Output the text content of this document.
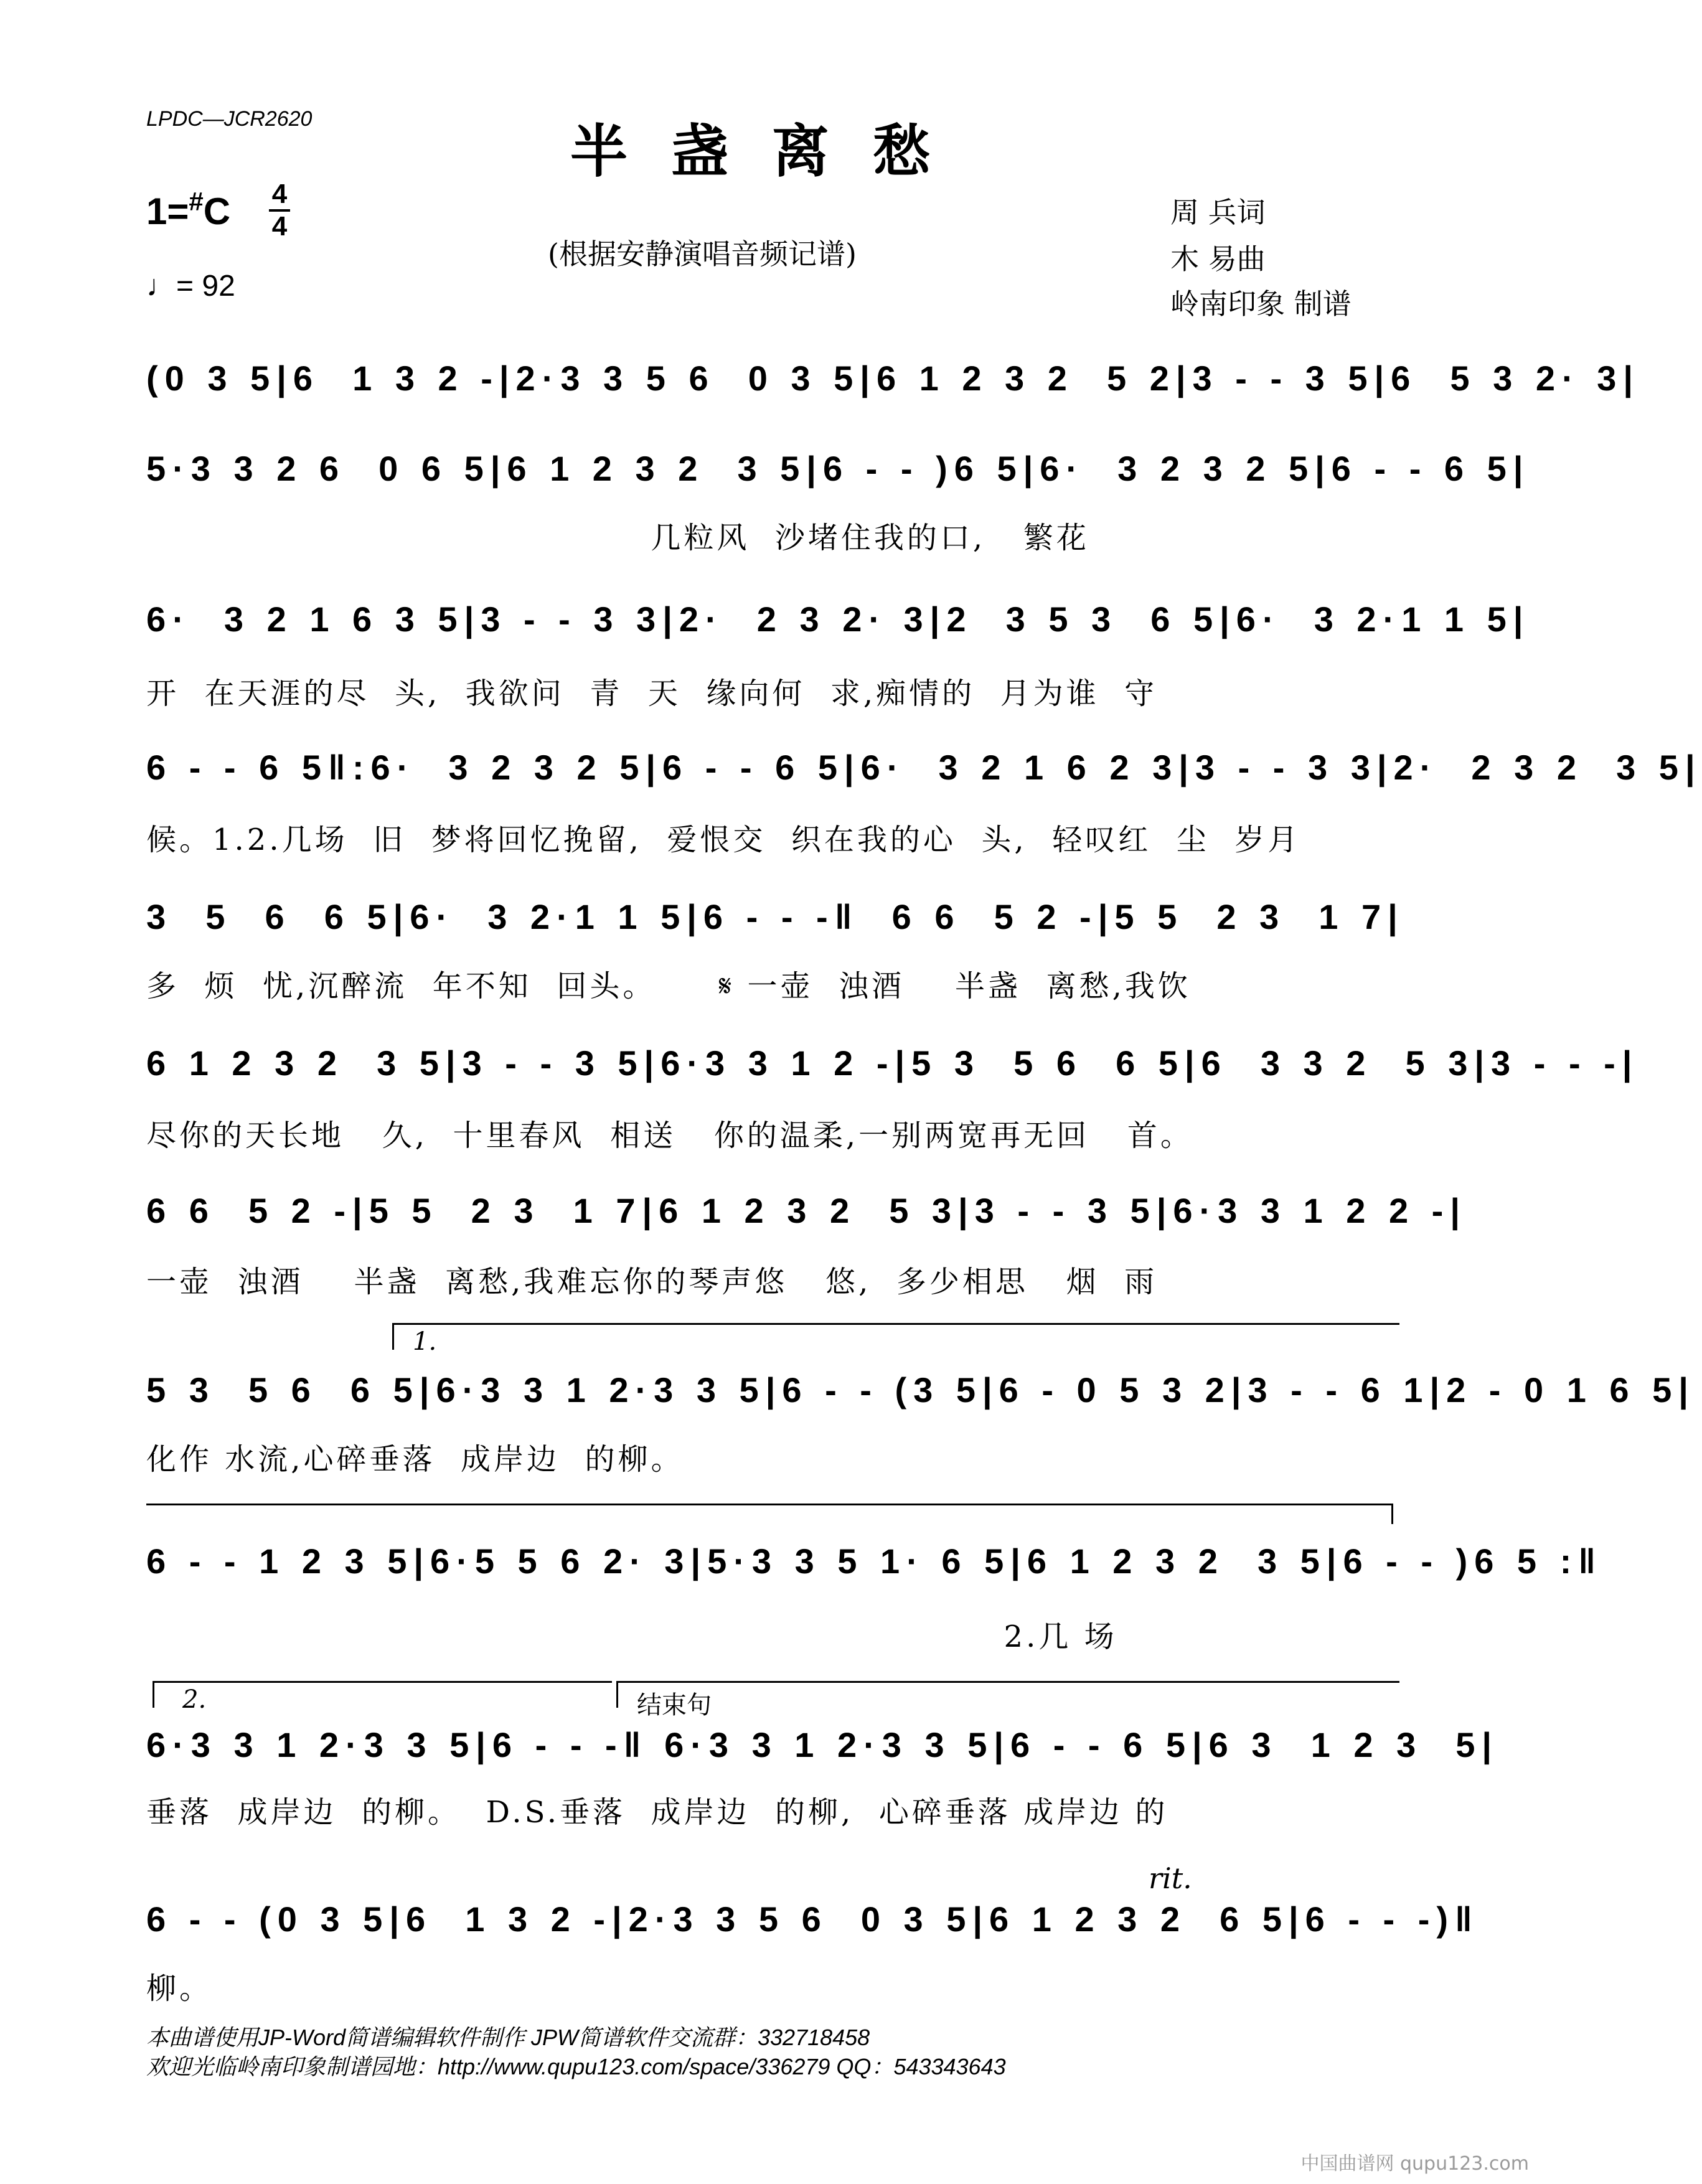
LPDC—JCR2620	半盏离愁
1=#C 4
4
♩= 92
(根据安静演唱音频记谱)
周 兵词
木 易曲
岭南印象 制谱
(0 3 5|6  1 3 2 -|2·3 3 5 6  0 3 5|6 1 2 3 2  5 2|3 - - 3 5|6  5 3 2· 3|
5·3 3 2 6  0 6 5|6 1 2 3 2  3 5|6 - - )6 5|6·  3 2 3 2 5|6 - - 6 5|
几粒风  沙堵住我的口,   繁花
6·  3 2 1 6 3 5|3 - - 3 3|2·  2 3 2· 3|2  3 5 3  6 5|6·  3 2·1 1 5|
开  在天涯的尽  头,  我欲问  青  天  缘向何  求,痴情的  月为谁  守
6 - - 6 5‖:6·  3 2 3 2 5|6 - - 6 5|6·  3 2 1 6 2 3|3 - - 3 3|2·  2 3 2  3 5|
候。1.2.几场  旧  梦将回忆挽留,  爱恨交  织在我的心  头,  轻叹红  尘  岁月
3  5  6  6 5|6·  3 2·1 1 5|6 - - -‖  6 6  5 2 -|5 5  2 3  1 7|
多  烦  忧,沉醉流  年不知  回头。     𝄋 一壶  浊酒    半盏  离愁,我饮
6 1 2 3 2  3 5|3 - - 3 5|6·3 3 1 2 -|5 3  5 6  6 5|6  3 3 2  5 3|3 - - -|
尽你的天长地   久,  十里春风  相送   你的温柔,一别两宽再无回   首。
6 6  5 2 -|5 5  2 3  1 7|6 1 2 3 2  5 3|3 - - 3 5|6·3 3 1 2 2 -|
一壶  浊酒    半盏  离愁,我难忘你的琴声悠   悠,  多少相思   烟  雨
1.
5 3  5 6  6 5|6·3 3 1 2·3 3 5|6 - - (3 5|6 - 0 5 3 2|3 - - 6 1|2 - 0 1 6 5|
化作 水流,心碎垂落  成岸边  的柳。
6 - - 1 2 3 5|6·5 5 6 2· 3|5·3 3 5 1· 6 5|6 1 2 3 2  3 5|6 - - )6 5 :‖
2.几 场
2.	结束句
6·3 3 1 2·3 3 5|6 - - -‖ 6·3 3 1 2·3 3 5|6 - - 6 5|6 3  1 2 3  5|
垂落  成岸边  的柳。  D.S.垂落  成岸边  的柳,  心碎垂落 成岸边 的
rit.
6 - - (0 3 5|6  1 3 2 -|2·3 3 5 6  0 3 5|6 1 2 3 2  6 5|6 - - -)‖
柳。
本曲谱使用JP-Word简谱编辑软件制作 JPW简谱软件交流群：332718458
欢迎光临岭南印象制谱园地：http://www.qupu123.com/space/336279 QQ：543343643
中国曲谱网 qupu123.com
